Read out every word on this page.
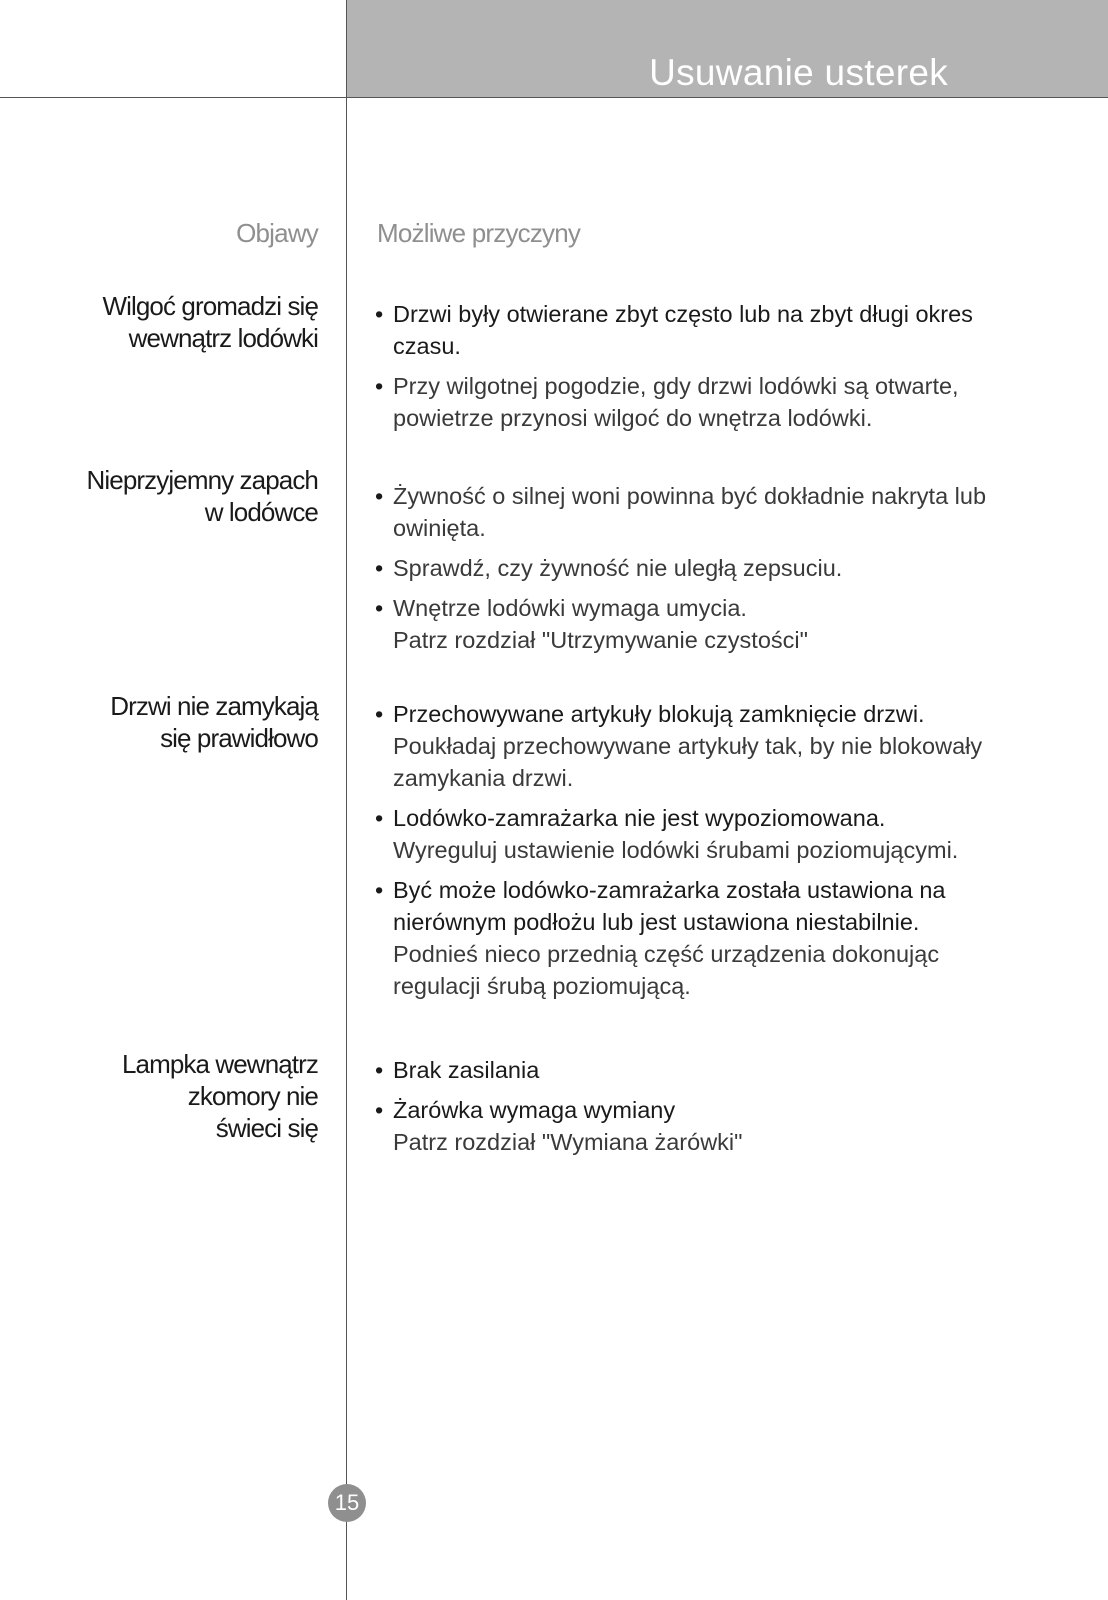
Usuwanie usterek
Objawy Możliwe przyczyny
Wilgoć gromadzi się
wewnątrz lodówki
• Drzwi były otwierane zbyt często lub na zbyt długi okres
czasu.
• Przy wilgotnej pogodzie, gdy drzwi lodówki są otwarte,
powietrze przynosi wilgoć do wnętrza lodówki.
Nieprzyjemny zapach
w lodówce
• Żywność o silnej woni powinna być dokładnie nakryta lub
owinięta.
• Sprawdź, czy żywność nie uległą zepsuciu.
• Wnętrze lodówki wymaga umycia.
Patrz rozdział "Utrzymywanie czystości"
Drzwi nie zamykają
się prawidłowo
• Przechowywane artykuły blokują zamknięcie drzwi.
Poukładaj przechowywane artykuły tak, by nie blokowały
zamykania drzwi.
• Lodówko-zamrażarka nie jest wypoziomowana.
Wyreguluj ustawienie lodówki śrubami poziomującymi.
• Być może lodówko-zamrażarka została ustawiona na
nierównym podłożu lub jest ustawiona niestabilnie.
Podnieś nieco przednią część urządzenia dokonując
regulacji śrubą poziomującą.
Lampka wewnątrz
zkomory nie
świeci się
• Brak zasilania
• Żarówka wymaga wymiany
Patrz rozdział "Wymiana żarówki"
15
